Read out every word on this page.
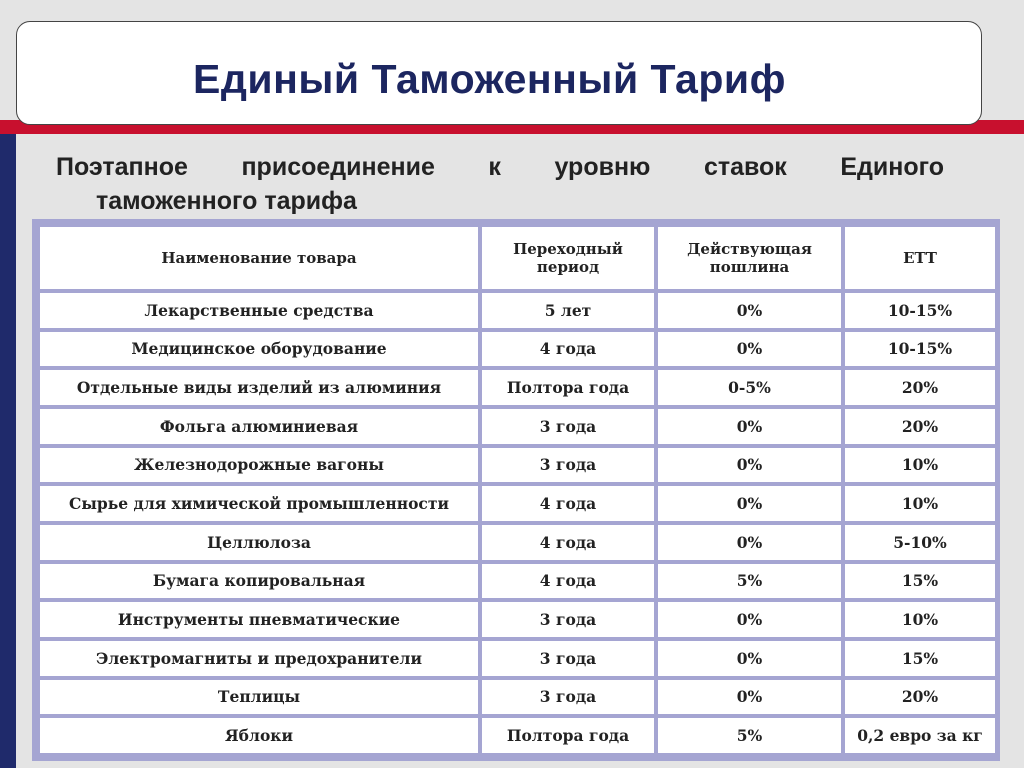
Единый Таможенный Тариф
Поэтапное присоединение к уровню ставок Единого
таможенного тарифа
Наименование товара	Переходный период	Действующая пошлина	ЕТТ
Лекарственные средства	5 лет	0%	10-15%
Медицинское оборудование	4 года	0%	10-15%
Отдельные виды изделий из алюминия	Полтора года	0-5%	20%
Фольга алюминиевая	3 года	0%	20%
Железнодорожные вагоны	3 года	0%	10%
Сырье для химической промышленности	4 года	0%	10%
Целлюлоза	4 года	0%	5-10%
Бумага копировальная	4 года	5%	15%
Инструменты пневматические	3 года	0%	10%
Электромагниты и предохранители	3 года	0%	15%
Теплицы	3 года	0%	20%
Яблоки	Полтора года	5%	0,2 евро за кг
